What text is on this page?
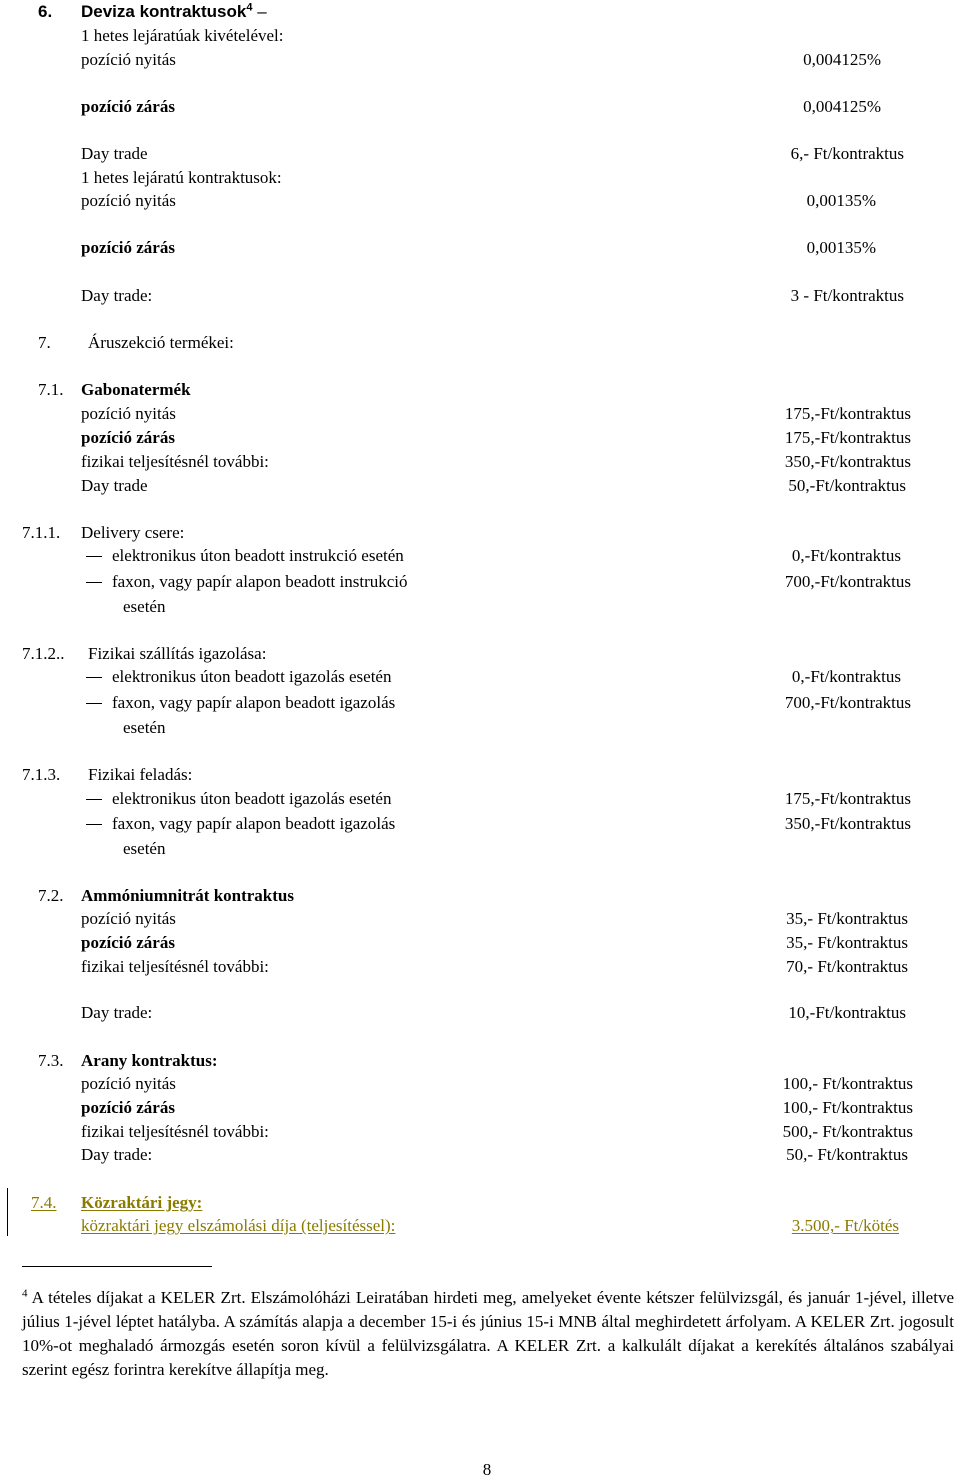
6. Deviza kontraktusok$^4$ –
1 hetes lejáratúak kivételével:
pozíció nyitás	0,004125%
pozíció zárás	0,004125%
Day trade	6,- Ft/kontraktus
1 hetes lejáratú kontraktusok:
pozíció nyitás	0,00135%
pozíció zárás	0,00135%
Day trade:	3 - Ft/kontraktus
7. Áruszekció termékei:
7.1. Gabonatermék
pozíció nyitás	175,-Ft/kontraktus
pozíció zárás	175,-Ft/kontraktus
fizikai teljesítésnél további:	350,-Ft/kontraktus
Day trade	50,-Ft/kontraktus
7.1.1. Delivery csere:
elektronikus úton beadott instrukció esetén	0,-Ft/kontraktus
faxon, vagy papír alapon beadott instrukció	700,-Ft/kontraktus
esetén
7.1.2.. Fizikai szállítás igazolása:
elektronikus úton beadott igazolás esetén	0,-Ft/kontraktus
faxon, vagy papír alapon beadott igazolás	700,-Ft/kontraktus
esetén
7.1.3. Fizikai feladás:
elektronikus úton beadott igazolás esetén	175,-Ft/kontraktus
faxon, vagy papír alapon beadott igazolás	350,-Ft/kontraktus
esetén
7.2. Ammóniumnitrát kontraktus
pozíció nyitás	35,- Ft/kontraktus
pozíció zárás	35,- Ft/kontraktus
fizikai teljesítésnél további:	70,- Ft/kontraktus
Day trade:	10,-Ft/kontraktus
7.3. Arany kontraktus:
pozíció nyitás	100,- Ft/kontraktus
pozíció zárás	100,- Ft/kontraktus
fizikai teljesítésnél további:	500,- Ft/kontraktus
Day trade:	50,- Ft/kontraktus
7.4. Közraktári jegy:
közraktári jegy elszámolási díja (teljesítéssel):	3.500,- Ft/kötés
$^4$ A tételes díjakat a KELER Zrt. Elszámolóházi Leiratában hirdeti meg, amelyeket évente kétszer felülvizsgál, és január 1-jével, illetve július 1-jével léptet hatályba. A számítás alapja a december 15-i és június 15-i MNB által meghirdetett árfolyam. A KELER Zrt. jogosult 10%-ot meghaladó ármozgás esetén soron kívül a felülvizsgálatra. A KELER Zrt. a kalkulált díjakat a kerekítés általános szabályai szerint egész forintra kerekítve állapítja meg.
8
